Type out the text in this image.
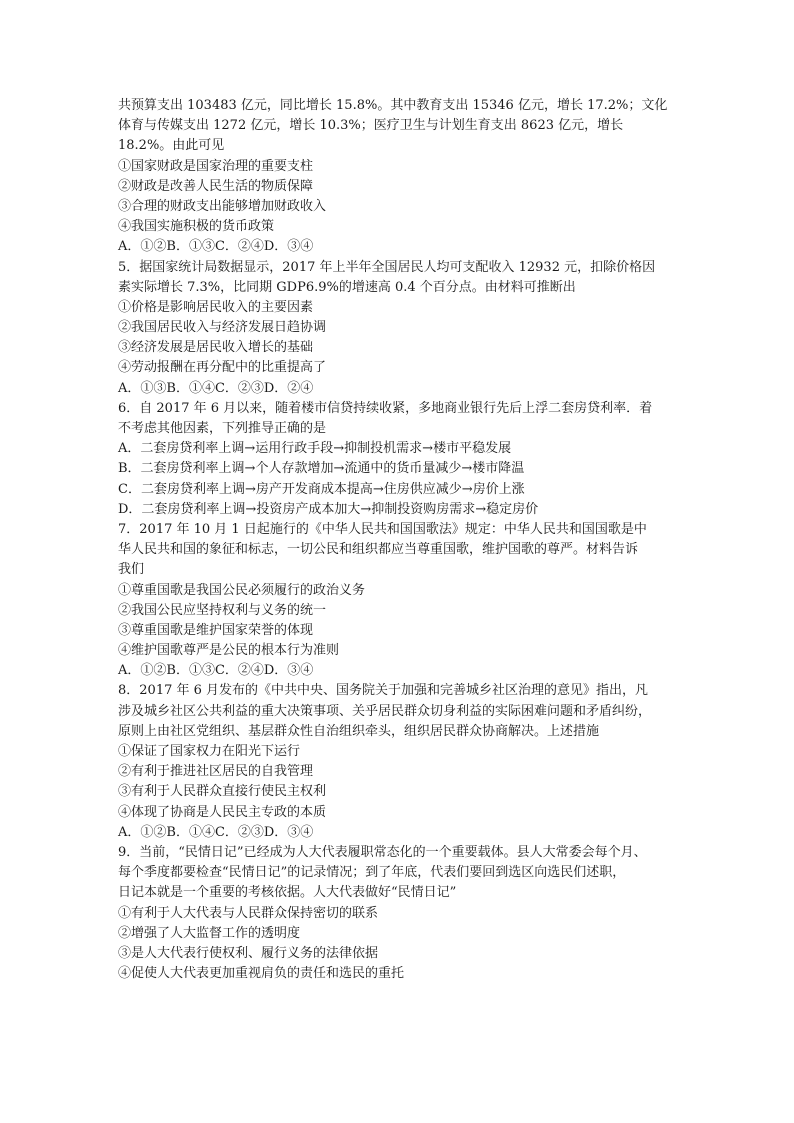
共预算支出 103483 亿元，同比增长 15.8%。其中教育支出 15346 亿元，增长 17.2%；文化
体育与传媒支出 1272 亿元，增长 10.3%；医疗卫生与计划生育支出 8623 亿元，增长
18.2%。由此可见
①国家财政是国家治理的重要支柱
②财政是改善人民生活的物质保障
③合理的财政支出能够增加财政收入
④我国实施积极的货币政策
A．①②B．①③C．②④D．③④
5．据国家统计局数据显示，2017 年上半年全国居民人均可支配收入 12932 元，扣除价格因
素实际增长 7.3%，比同期 GDP6.9%的增速高 0.4 个百分点。由材料可推断出
①价格是影响居民收入的主要因素
②我国居民收入与经济发展日趋协调
③经济发展是居民收入增长的基础
④劳动报酬在再分配中的比重提高了
A．①③B．①④C．②③D．②④
6．自 2017 年 6 月以来，随着楼市信贷持续收紧，多地商业银行先后上浮二套房贷利率．着
不考虑其他因素，下列推导正确的是
A．二套房贷利率上调→运用行政手段→抑制投机需求→楼市平稳发展
B．二套房贷利率上调→个人存款增加→流通中的货币量减少→楼市降温
C．二套房贷利率上调→房产开发商成本提高→住房供应减少→房价上涨
D．二套房贷利率上调→投资房产成本加大→抑制投资购房需求→稳定房价
7．2017 年 10 月 1 日起施行的《中华人民共和国国歌法》规定：中华人民共和国国歌是中
华人民共和国的象征和标志，一切公民和组织都应当尊重国歌，维护国歌的尊严。材料告诉
我们
①尊重国歌是我国公民必须履行的政治义务
②我国公民应坚持权利与义务的统一
③尊重国歌是维护国家荣誉的体现
④维护国歌尊严是公民的根本行为准则
A．①②B．①③C．②④D．③④
8．2017 年 6 月发布的《中共中央、国务院关于加强和完善城乡社区治理的意见》指出，凡
涉及城乡社区公共利益的重大决策事项、关乎居民群众切身利益的实际困难问题和矛盾纠纷，
原则上由社区党组织、基层群众性自治组织牵头，组织居民群众协商解决。上述措施
①保证了国家权力在阳光下运行
②有利于推进社区居民的自我管理
③有利于人民群众直接行使民主权利
④体现了协商是人民民主专政的本质
A．①②B．①④C．②③D．③④
9．当前，“民情日记”已经成为人大代表履职常态化的一个重要载体。县人大常委会每个月、
每个季度都要检查“民情日记”的记录情况；到了年底，代表们要回到选区向选民们述职，
日记本就是一个重要的考核依据。人大代表做好“民情日记”
①有利于人大代表与人民群众保持密切的联系
②增强了人大监督工作的透明度
③是人大代表行使权利、履行义务的法律依据
④促使人大代表更加重视肩负的责任和选民的重托
